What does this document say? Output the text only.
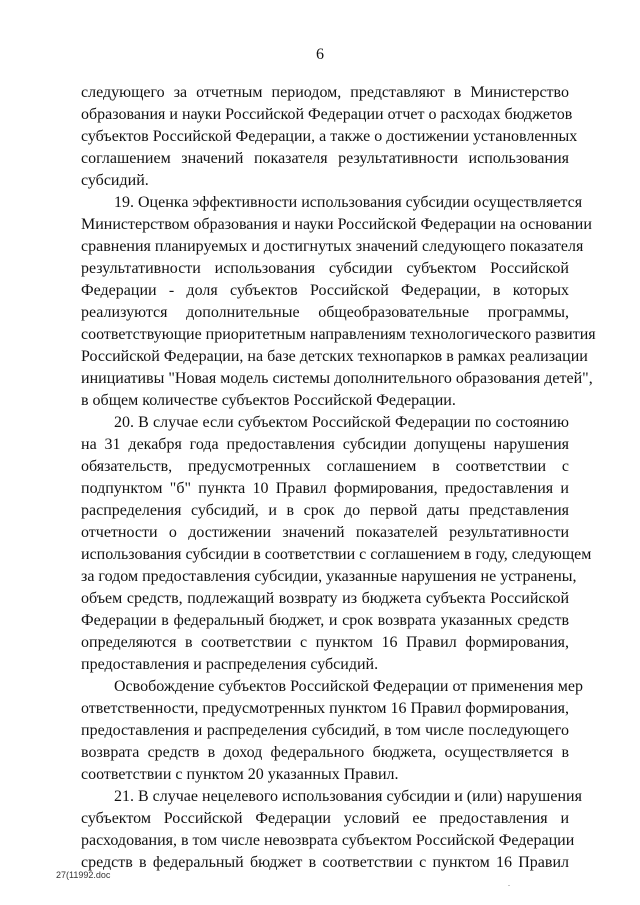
6
следующего за отчетным периодом, представляют в Министерство
образования и науки Российской Федерации отчет о расходах бюджетов
субъектов Российской Федерации, а также о достижении установленных
соглашением значений показателя результативности использования
субсидий.
19. Оценка эффективности использования субсидии осуществляется
Министерством образования и науки Российской Федерации на основании
сравнения планируемых и достигнутых значений следующего показателя
результативности использования субсидии субъектом Российской
Федерации - доля субъектов Российской Федерации, в которых
реализуются дополнительные общеобразовательные программы,
соответствующие приоритетным направлениям технологического развития
Российской Федерации, на базе детских технопарков в рамках реализации
инициативы "Новая модель системы дополнительного образования детей",
в общем количестве субъектов Российской Федерации.
20. В случае если субъектом Российской Федерации по состоянию
на 31 декабря года предоставления субсидии допущены нарушения
обязательств, предусмотренных соглашением в соответствии с
подпунктом "б" пункта 10 Правил формирования, предоставления и
распределения субсидий, и в срок до первой даты представления
отчетности о достижении значений показателей результативности
использования субсидии в соответствии с соглашением в году, следующем
за годом предоставления субсидии, указанные нарушения не устранены,
объем средств, подлежащий возврату из бюджета субъекта Российской
Федерации в федеральный бюджет, и срок возврата указанных средств
определяются в соответствии с пунктом 16 Правил формирования,
предоставления и распределения субсидий.
Освобождение субъектов Российской Федерации от применения мер
ответственности, предусмотренных пунктом 16 Правил формирования,
предоставления и распределения субсидий, в том числе последующего
возврата средств в доход федерального бюджета, осуществляется в
соответствии с пунктом 20 указанных Правил.
21. В случае нецелевого использования субсидии и (или) нарушения
субъектом Российской Федерации условий ее предоставления и
расходования, в том числе невозврата субъектом Российской Федерации
средств в федеральный бюджет в соответствии с пунктом 16 Правил
27(11992.doc
.
